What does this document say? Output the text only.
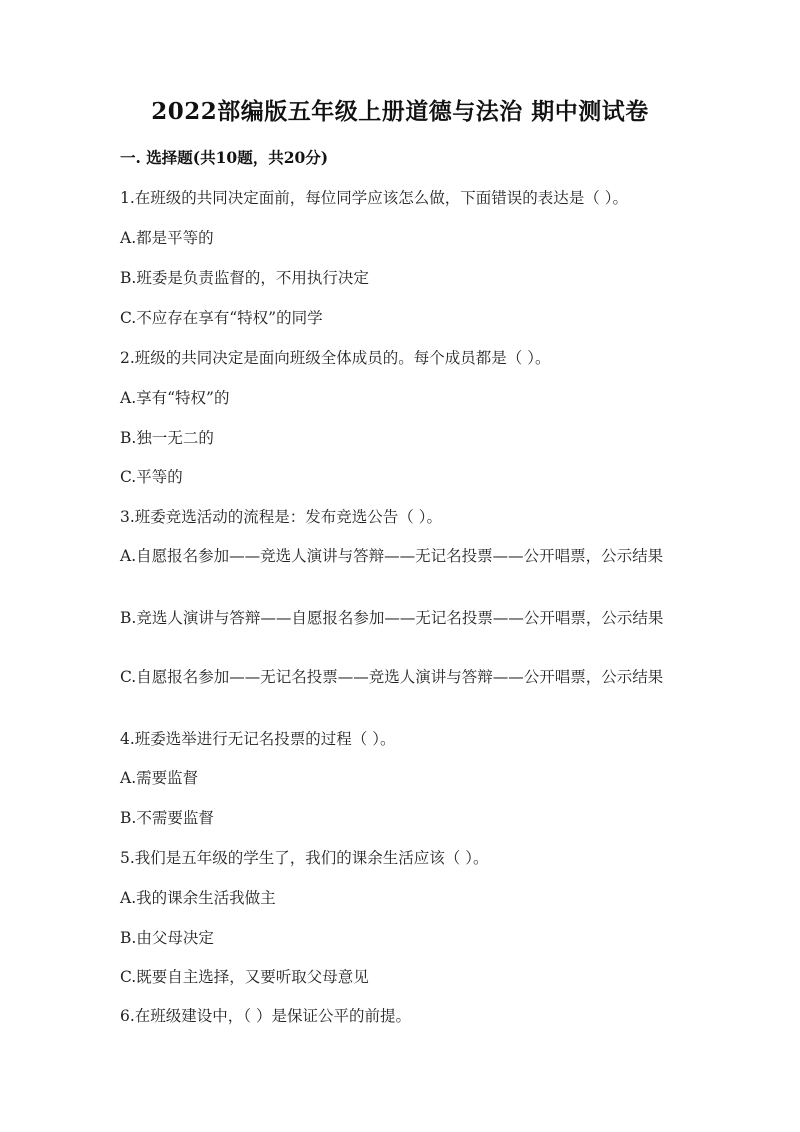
2022部编版五年级上册道德与法治 期中测试卷
一. 选择题(共10题，共20分)
1.在班级的共同决定面前，每位同学应该怎么做，下面错误的表达是（ ）。
A.都是平等的
B.班委是负责监督的，不用执行决定
C.不应存在享有“特权”的同学
2.班级的共同决定是面向班级全体成员的。每个成员都是（ ）。
A.享有“特权”的
B.独一无二的
C.平等的
3.班委竞选活动的流程是：发布竞选公告（ ）。
A.自愿报名参加——竞选人演讲与答辩——无记名投票——公开唱票，公示结果
B.竞选人演讲与答辩——自愿报名参加——无记名投票——公开唱票，公示结果
C.自愿报名参加——无记名投票——竞选人演讲与答辩——公开唱票，公示结果
4.班委选举进行无记名投票的过程（ ）。
A.需要监督
B.不需要监督
5.我们是五年级的学生了，我们的课余生活应该（ ）。
A.我的课余生活我做主
B.由父母决定
C.既要自主选择，又要听取父母意见
6.在班级建设中，（ ）是保证公平的前提。
